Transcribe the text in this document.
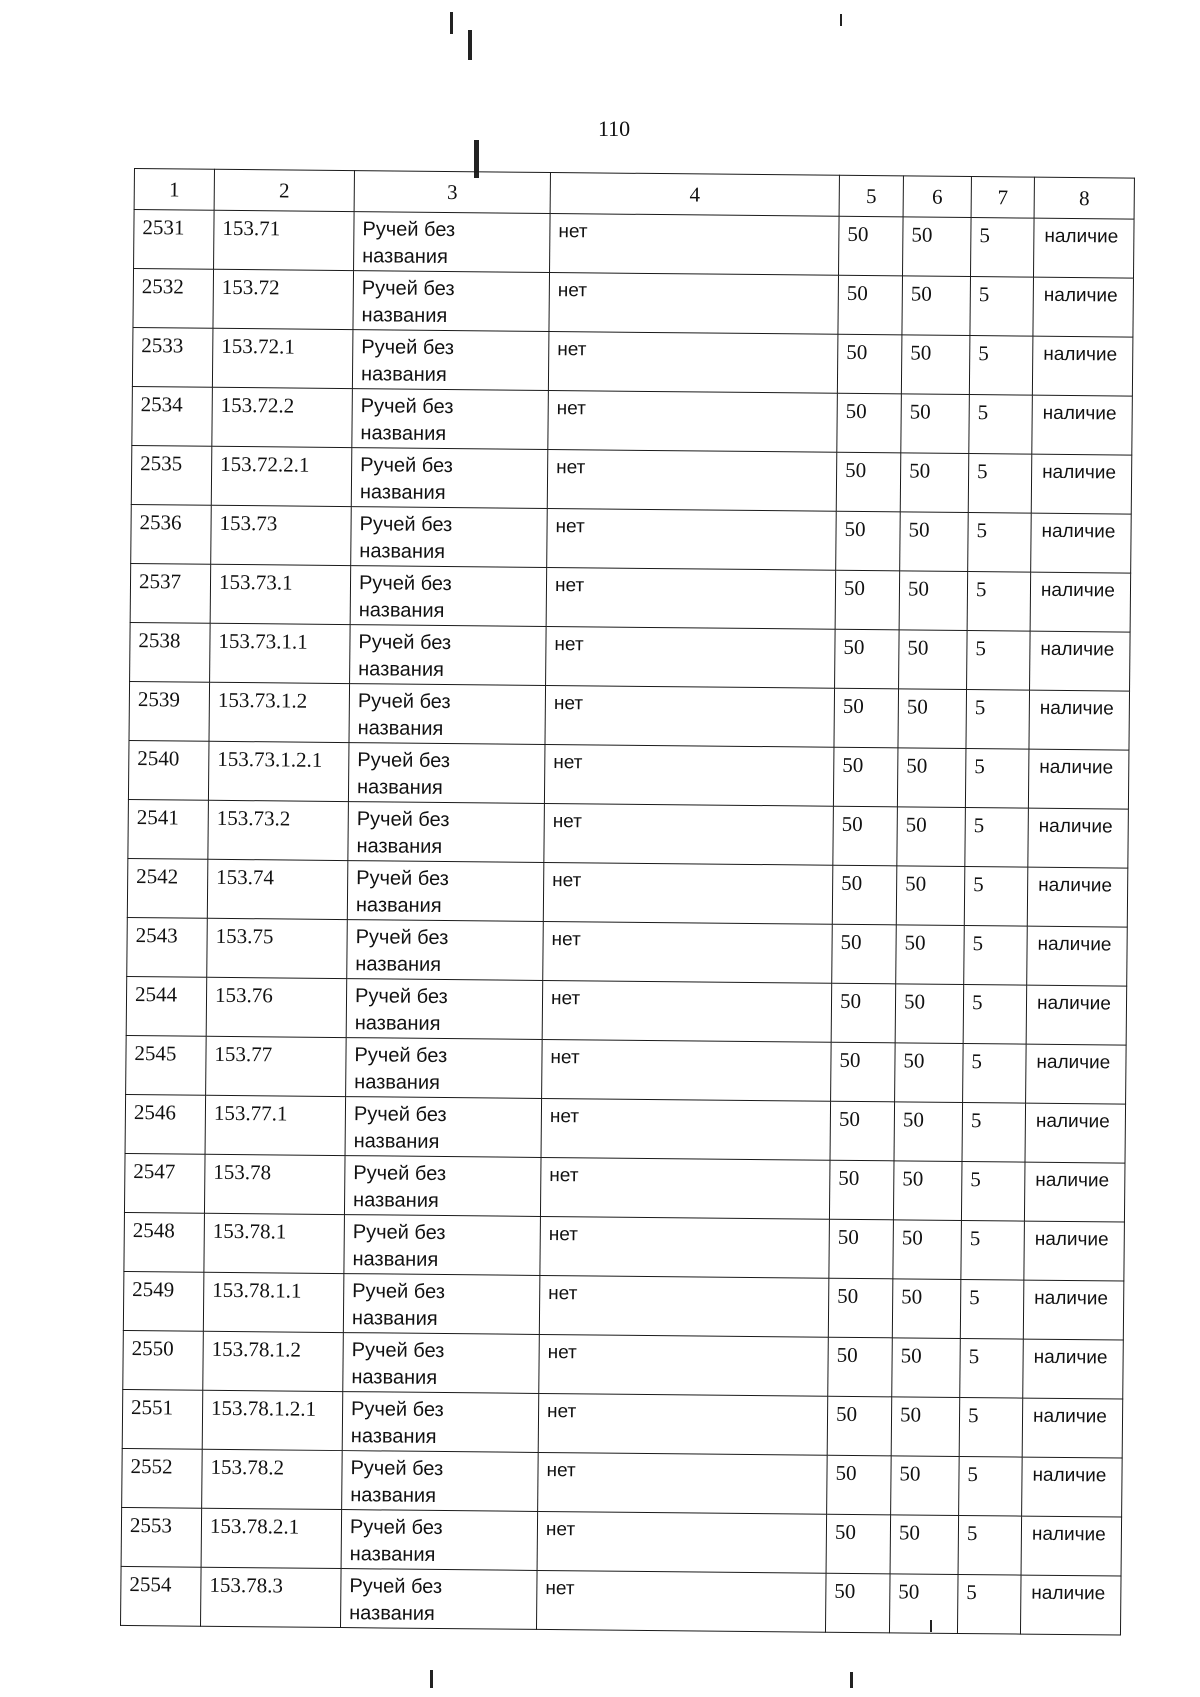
110
1	2	3	4	5	6	7	8
2531	153.71	Ручей без названия	нет	50	50	5	наличие
2532	153.72	Ручей без названия	нет	50	50	5	наличие
2533	153.72.1	Ручей без названия	нет	50	50	5	наличие
2534	153.72.2	Ручей без названия	нет	50	50	5	наличие
2535	153.72.2.1	Ручей без названия	нет	50	50	5	наличие
2536	153.73	Ручей без названия	нет	50	50	5	наличие
2537	153.73.1	Ручей без названия	нет	50	50	5	наличие
2538	153.73.1.1	Ручей без названия	нет	50	50	5	наличие
2539	153.73.1.2	Ручей без названия	нет	50	50	5	наличие
2540	153.73.1.2.1	Ручей без названия	нет	50	50	5	наличие
2541	153.73.2	Ручей без названия	нет	50	50	5	наличие
2542	153.74	Ручей без названия	нет	50	50	5	наличие
2543	153.75	Ручей без названия	нет	50	50	5	наличие
2544	153.76	Ручей без названия	нет	50	50	5	наличие
2545	153.77	Ручей без названия	нет	50	50	5	наличие
2546	153.77.1	Ручей без названия	нет	50	50	5	наличие
2547	153.78	Ручей без названия	нет	50	50	5	наличие
2548	153.78.1	Ручей без названия	нет	50	50	5	наличие
2549	153.78.1.1	Ручей без названия	нет	50	50	5	наличие
2550	153.78.1.2	Ручей без названия	нет	50	50	5	наличие
2551	153.78.1.2.1	Ручей без названия	нет	50	50	5	наличие
2552	153.78.2	Ручей без названия	нет	50	50	5	наличие
2553	153.78.2.1	Ручей без названия	нет	50	50	5	наличие
2554	153.78.3	Ручей без названия	нет	50	50	5	наличие
